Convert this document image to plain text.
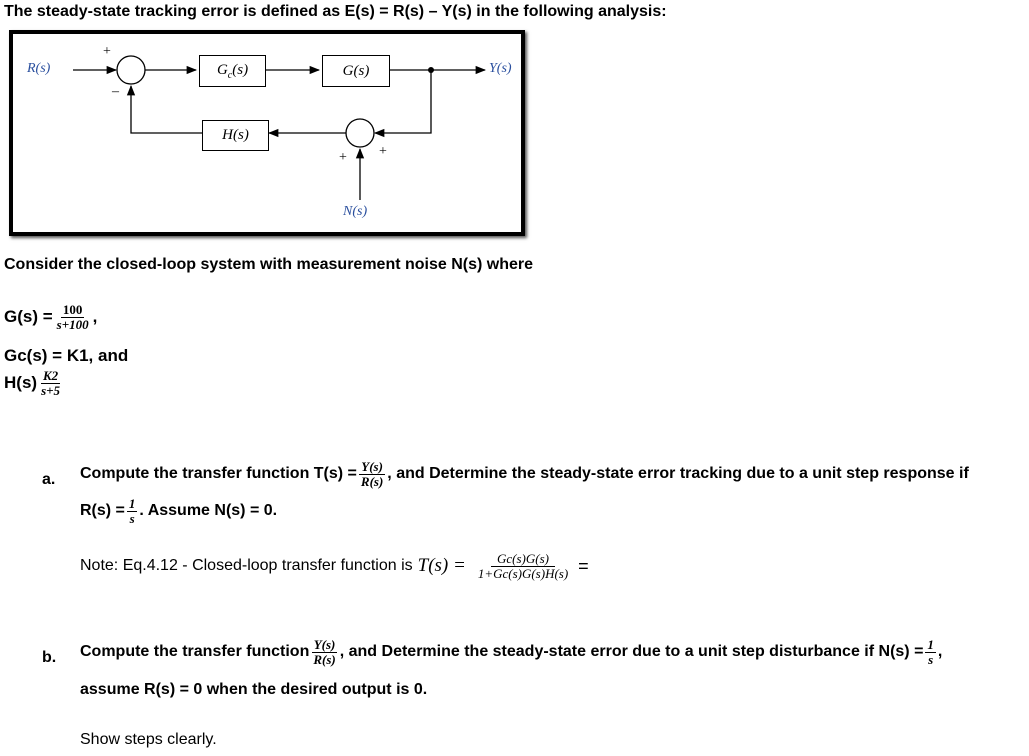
The steady-state tracking error is defined as E(s) = R(s) – Y(s) in the following analysis:
R(s)	Y(s)
N(s)
$G_c(s)$	G(s)
H(s)
+
–
+ +
Consider the closed-loop system with measurement noise N(s) where
$G(s) = \frac{100}{s+100}$ ,
Gc(s) = K1, and
$H(s) \frac{K2}{s+5}$
a. Compute the transfer function $T(s) = \frac{Y(s)}{R(s)}$ , and Determine the steady-state error tracking due to a unit step response if
$R(s) = \frac{1}{s}$ . Assume N(s) = 0.
Note: Eq.4.12 - Closed-loop transfer function is $T(s) = \frac{Gc(s)G(s)}{1+Gc(s)G(s)H(s)}$ =
b. Compute the transfer function $\frac{Y(s)}{R(s)}$ , and Determine the steady-state error due to a unit step disturbance if $N(s) = \frac{1}{s}$ ,
assume R(s) = 0 when the desired output is 0.
Show steps clearly.
